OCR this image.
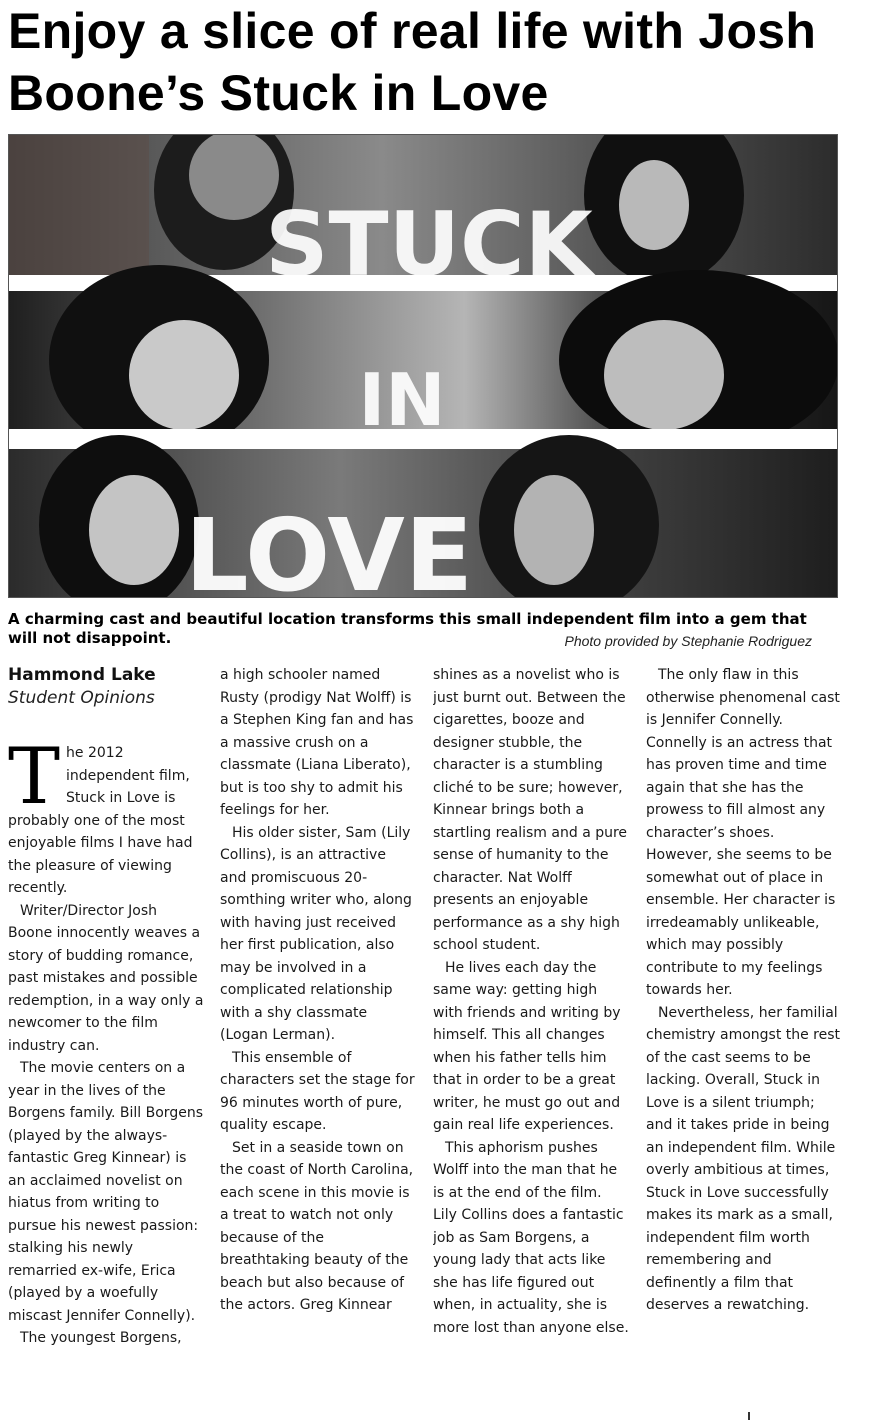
Enjoy a slice of real life with Josh Boone’s Stuck in Love
STUCK
IN
LOVE
A charming cast and beautiful location transforms this small independent film into a gem that will not disappoint.	Photo provided by Stephanie Rodriguez
Hammond Lake
Student Opinions

The 2012 independent film, Stuck in Love is probably one of the most enjoyable films I have had the pleasure of viewing recently.

Writer/Director Josh Boone innocently weaves a story of budding romance, past mistakes and possible redemption, in a way only a newcomer to the film industry can.

The movie centers on a year in the lives of the Borgens family. Bill Borgens (played by the always-fantastic Greg Kinnear) is an acclaimed novelist on hiatus from writing to pursue his newest passion: stalking his newly remarried ex-wife, Erica (played by a woefully miscast Jennifer Connelly).

The youngest Borgens,

a high schooler named Rusty (prodigy Nat Wolff) is a Stephen King fan and has a massive crush on a classmate (Liana Liberato), but is too shy to admit his feelings for her.

His older sister, Sam (Lily Collins), is an attractive and promiscuous 20-somthing writer who, along with having just received her first publication, also may be involved in a complicated relationship with a shy classmate (Logan Lerman).

This ensemble of characters set the stage for 96 minutes worth of pure, quality escape.

Set in a seaside town on the coast of North Carolina, each scene in this movie is a treat to watch not only because of the breathtaking beauty of the beach but also because of the actors. Greg Kinnear

shines as a novelist who is just burnt out. Between the cigarettes, booze and designer stubble, the character is a stumbling cliché to be sure; however, Kinnear brings both a startling realism and a pure sense of humanity to the character. Nat Wolff presents an enjoyable performance as a shy high school student.

He lives each day the same way: getting high with friends and writing by himself. This all changes when his father tells him that in order to be a great writer, he must go out and gain real life experiences.

This aphorism pushes Wolff into the man that he is at the end of the film. Lily Collins does a fantastic job as Sam Borgens, a young lady that acts like she has life figured out when, in actuality, she is more lost than anyone else.

The only flaw in this otherwise phenomenal cast is Jennifer Connelly. Connelly is an actress that has proven time and time again that she has the prowess to fill almost any character’s shoes. However, she seems to be somewhat out of place in ensemble. Her character is irredeamably unlikeable, which may possibly contribute to my feelings towards her.

Nevertheless, her familial chemistry amongst the rest of the cast seems to be lacking. Overall, Stuck in Love is a silent triumph; and it takes pride in being an independent film. While overly ambitious at times, Stuck in Love successfully makes its mark as a small, independent film worth remembering and definently a film that deserves a rewatching.
